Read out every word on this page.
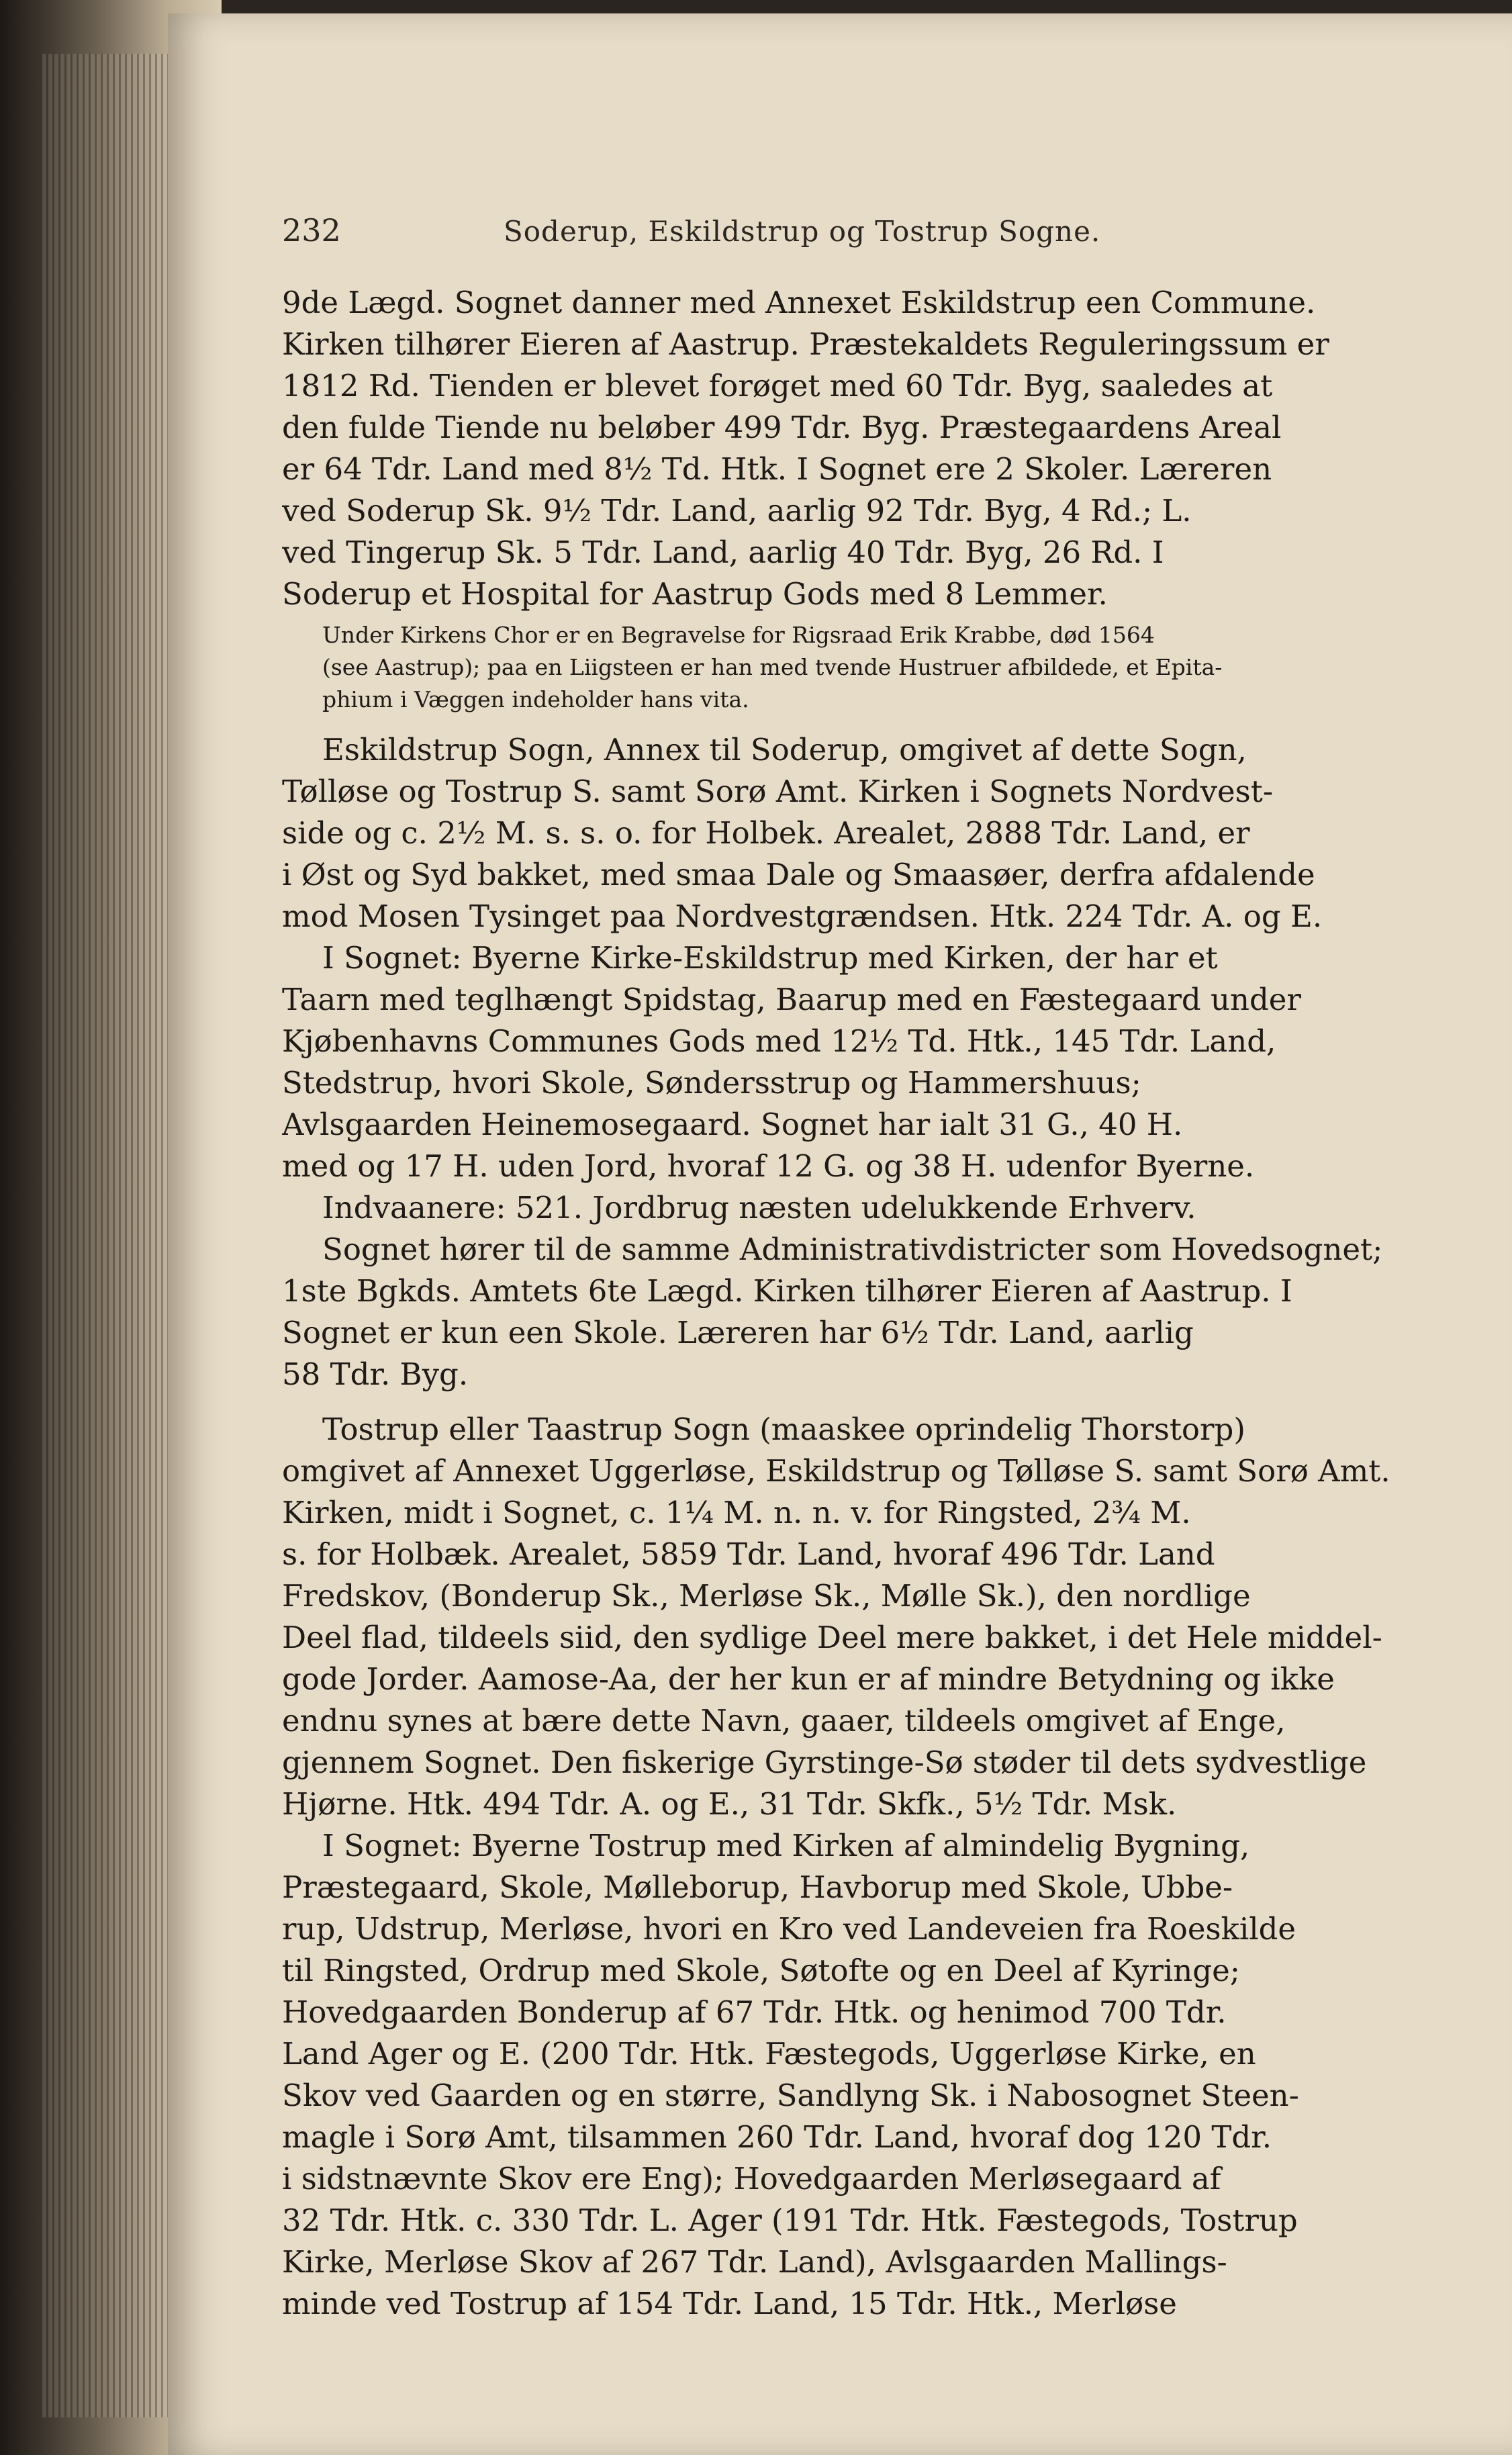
232	Soderup, Eskildstrup og Tostrup Sogne.
9de Lægd. Sognet danner med Annexet Eskildstrup een Commune.
Kirken tilhører Eieren af Aastrup. Præstekaldets Reguleringssum er
1812 Rd. Tienden er blevet forøget med 60 Tdr. Byg, saaledes at
den fulde Tiende nu beløber 499 Tdr. Byg. Præstegaardens Areal
er 64 Tdr. Land med 8½ Td. Htk. I Sognet ere 2 Skoler. Læreren
ved Soderup Sk. 9½ Tdr. Land, aarlig 92 Tdr. Byg, 4 Rd.; L.
ved Tingerup Sk. 5 Tdr. Land, aarlig 40 Tdr. Byg, 26 Rd. I
Soderup et Hospital for Aastrup Gods med 8 Lemmer.
Under Kirkens Chor er en Begravelse for Rigsraad Erik Krabbe, død 1564
(see Aastrup); paa en Liigsteen er han med tvende Hustruer afbildede, et Epita-
phium i Væggen indeholder hans vita.
Eskildstrup Sogn, Annex til Soderup, omgivet af dette Sogn,
Tølløse og Tostrup S. samt Sorø Amt. Kirken i Sognets Nordvest-
side og c. 2½ M. s. s. o. for Holbek. Arealet, 2888 Tdr. Land, er
i Øst og Syd bakket, med smaa Dale og Smaasøer, derfra afdalende
mod Mosen Tysinget paa Nordvestgrændsen. Htk. 224 Tdr. A. og E.
I Sognet: Byerne Kirke-Eskildstrup med Kirken, der har et
Taarn med teglhængt Spidstag, Baarup med en Fæstegaard under
Kjøbenhavns Communes Gods med 12½ Td. Htk., 145 Tdr. Land,
Stedstrup, hvori Skole, Søndersstrup og Hammershuus;
Avlsgaarden Heinemosegaard. Sognet har ialt 31 G., 40 H.
med og 17 H. uden Jord, hvoraf 12 G. og 38 H. udenfor Byerne.
Indvaanere: 521. Jordbrug næsten udelukkende Erhverv.
Sognet hører til de samme Administrativdistricter som Hovedsognet;
1ste Bgkds. Amtets 6te Lægd. Kirken tilhører Eieren af Aastrup. I
Sognet er kun een Skole. Læreren har 6½ Tdr. Land, aarlig
58 Tdr. Byg.
Tostrup eller Taastrup Sogn (maaskee oprindelig Thorstorp)
omgivet af Annexet Uggerløse, Eskildstrup og Tølløse S. samt Sorø Amt.
Kirken, midt i Sognet, c. 1¼ M. n. n. v. for Ringsted, 2¾ M.
s. for Holbæk. Arealet, 5859 Tdr. Land, hvoraf 496 Tdr. Land
Fredskov, (Bonderup Sk., Merløse Sk., Mølle Sk.), den nordlige
Deel flad, tildeels siid, den sydlige Deel mere bakket, i det Hele middel-
gode Jorder. Aamose-Aa, der her kun er af mindre Betydning og ikke
endnu synes at bære dette Navn, gaaer, tildeels omgivet af Enge,
gjennem Sognet. Den fiskerige Gyrstinge-Sø støder til dets sydvestlige
Hjørne. Htk. 494 Tdr. A. og E., 31 Tdr. Skfk., 5½ Tdr. Msk.
I Sognet: Byerne Tostrup med Kirken af almindelig Bygning,
Præstegaard, Skole, Mølleborup, Havborup med Skole, Ubbe-
rup, Udstrup, Merløse, hvori en Kro ved Landeveien fra Roeskilde
til Ringsted, Ordrup med Skole, Søtofte og en Deel af Kyringe;
Hovedgaarden Bonderup af 67 Tdr. Htk. og henimod 700 Tdr.
Land Ager og E. (200 Tdr. Htk. Fæstegods, Uggerløse Kirke, en
Skov ved Gaarden og en større, Sandlyng Sk. i Nabosognet Steen-
magle i Sorø Amt, tilsammen 260 Tdr. Land, hvoraf dog 120 Tdr.
i sidstnævnte Skov ere Eng); Hovedgaarden Merløsegaard af
32 Tdr. Htk. c. 330 Tdr. L. Ager (191 Tdr. Htk. Fæstegods, Tostrup
Kirke, Merløse Skov af 267 Tdr. Land), Avlsgaarden Mallings-
minde ved Tostrup af 154 Tdr. Land, 15 Tdr. Htk., Merløse
